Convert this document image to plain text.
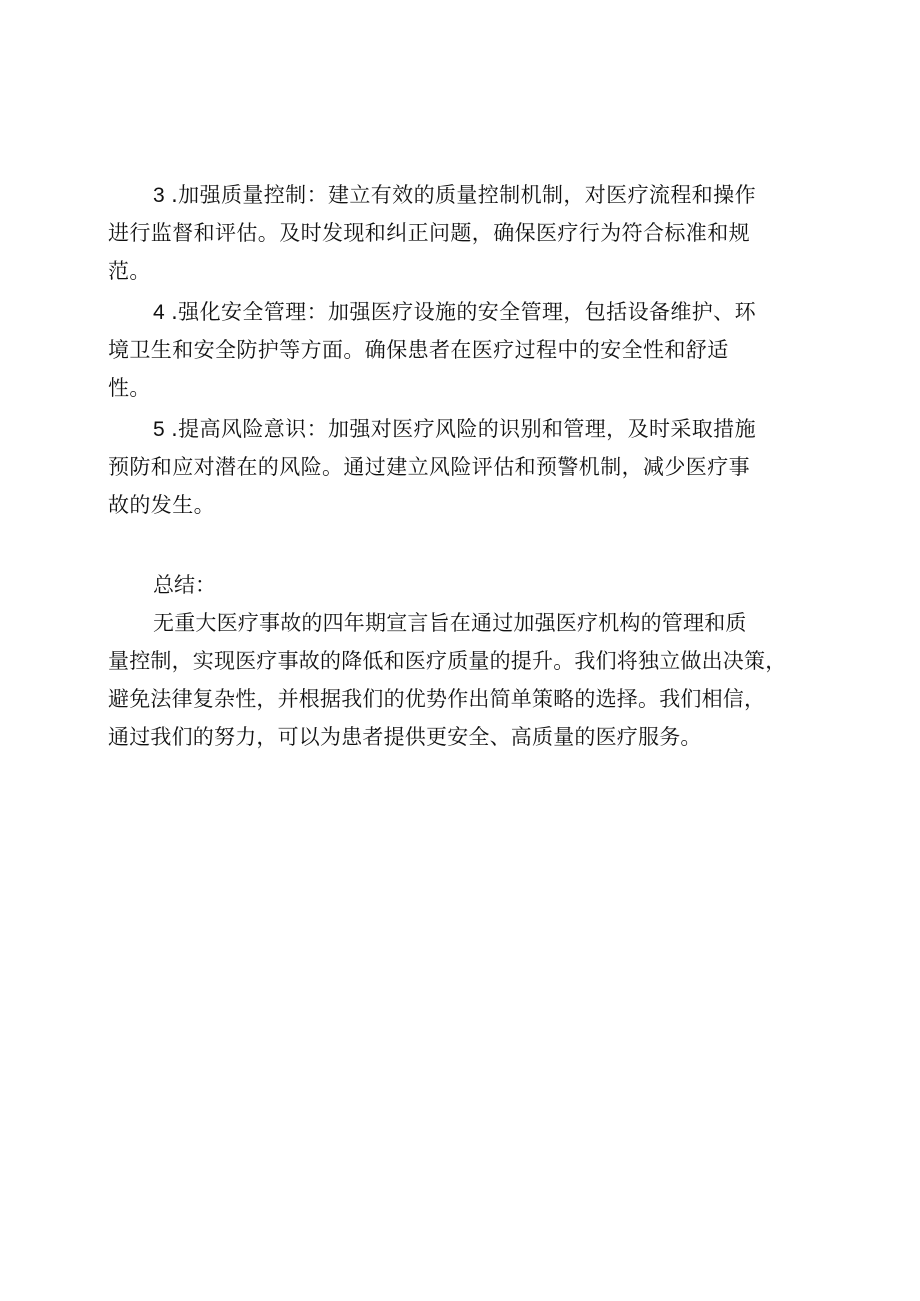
3 .加强质量控制：建立有效的质量控制机制，对医疗流程和操作
进行监督和评估。及时发现和纠正问题，确保医疗行为符合标准和规
范。
4 .强化安全管理：加强医疗设施的安全管理，包括设备维护、环
境卫生和安全防护等方面。确保患者在医疗过程中的安全性和舒适
性。
5 .提高风险意识：加强对医疗风险的识别和管理，及时采取措施
预防和应对潜在的风险。通过建立风险评估和预警机制，减少医疗事
故的发生。
总结：
无重大医疗事故的四年期宣言旨在通过加强医疗机构的管理和质
量控制，实现医疗事故的降低和医疗质量的提升。我们将独立做出决策，
避免法律复杂性，并根据我们的优势作出简单策略的选择。我们相信，
通过我们的努力，可以为患者提供更安全、高质量的医疗服务。
